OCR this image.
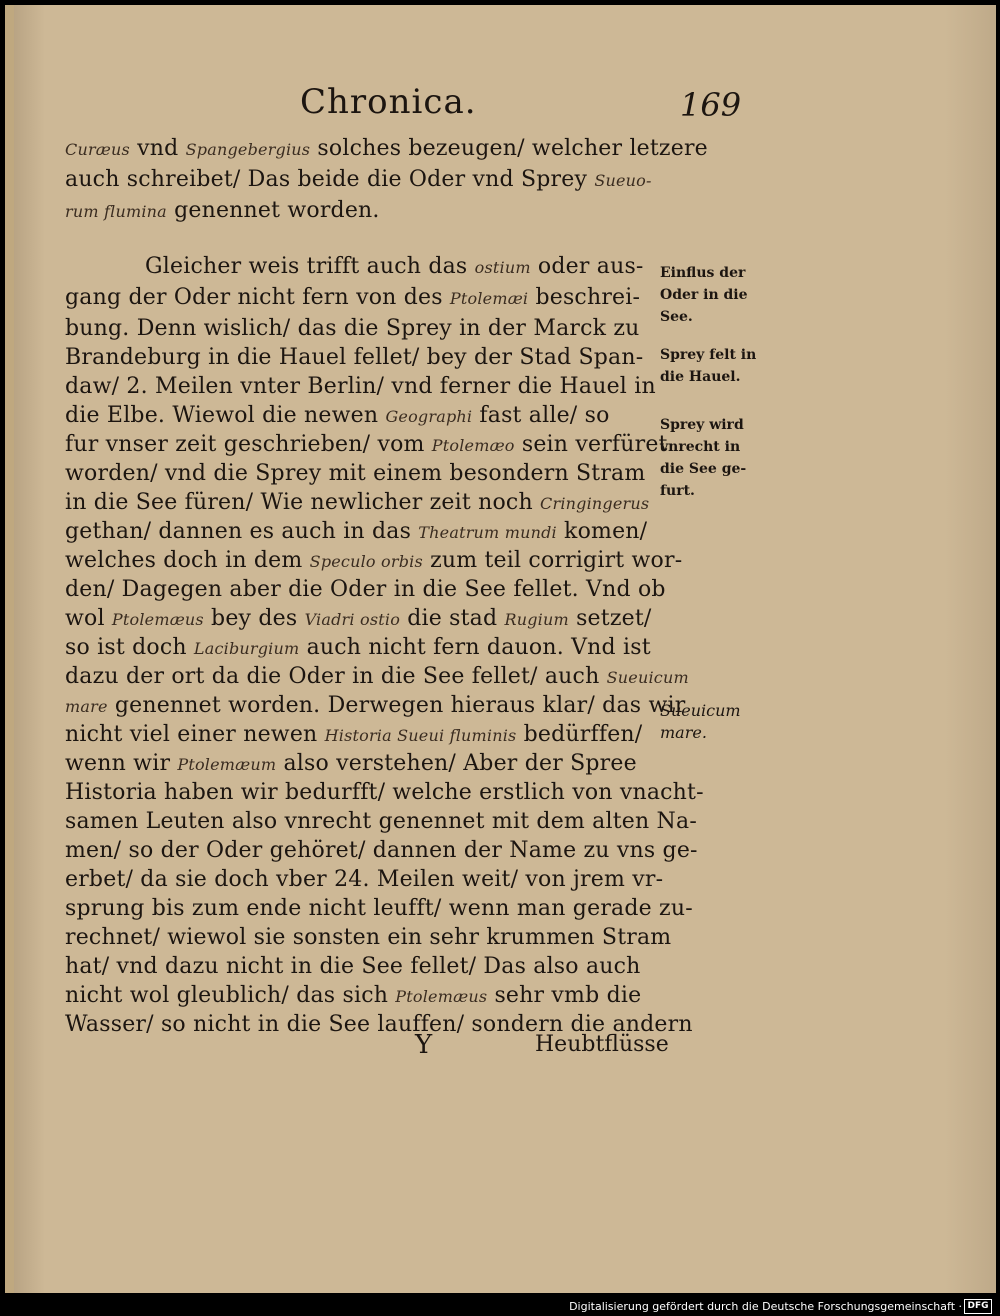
Chronica.	169
Curæus vnd Spangebergius solches bezeugen/ welcher letzere
auch schreibet/ Das beide die Oder vnd Sprey Sueuo-
rum flumina genennet worden.
Gleicher weis trifft auch das ostium oder aus-
gang der Oder nicht fern von des Ptolemæi beschrei-
bung. Denn wislich/ das die Sprey in der Marck zu
Brandeburg in die Hauel fellet/ bey der Stad Span-
daw/ 2. Meilen vnter Berlin/ vnd ferner die Hauel in
die Elbe. Wiewol die newen Geographi fast alle/ so
fur vnser zeit geschrieben/ vom Ptolemæo sein verfüret
worden/ vnd die Sprey mit einem besondern Stram
in die See füren/ Wie newlicher zeit noch Cringingerus
gethan/ dannen es auch in das Theatrum mundi komen/
welches doch in dem Speculo orbis zum teil corrigirt wor-
den/ Dagegen aber die Oder in die See fellet. Vnd ob
wol Ptolemæus bey des Viadri ostio die stad Rugium setzet/
so ist doch Laciburgium auch nicht fern dauon. Vnd ist
dazu der ort da die Oder in die See fellet/ auch Sueuicum
mare genennet worden. Derwegen hieraus klar/ das wir
nicht viel einer newen Historia Sueui fluminis bedürffen/
wenn wir Ptolemæum also verstehen/ Aber der Spree
Historia haben wir bedurfft/ welche erstlich von vnacht-
samen Leuten also vnrecht genennet mit dem alten Na-
men/ so der Oder gehöret/ dannen der Name zu vns ge-
erbet/ da sie doch vber 24. Meilen weit/ von jrem vr-
sprung bis zum ende nicht leufft/ wenn man gerade zu-
rechnet/ wiewol sie sonsten ein sehr krummen Stram
hat/ vnd dazu nicht in die See fellet/ Das also auch
nicht wol gleublich/ das sich Ptolemæus sehr vmb die
Wasser/ so nicht in die See lauffen/ sondern die andern
Einflus der
Oder in die
See.
Sprey felt in
die Hauel.
Sprey wird
vnrecht in
die See ge-
furt.
Sueuicum
mare.
Y	Heubtflüsse
Digitalisierung gefördert durch die Deutsche Forschungsgemeinschaft · DFG
